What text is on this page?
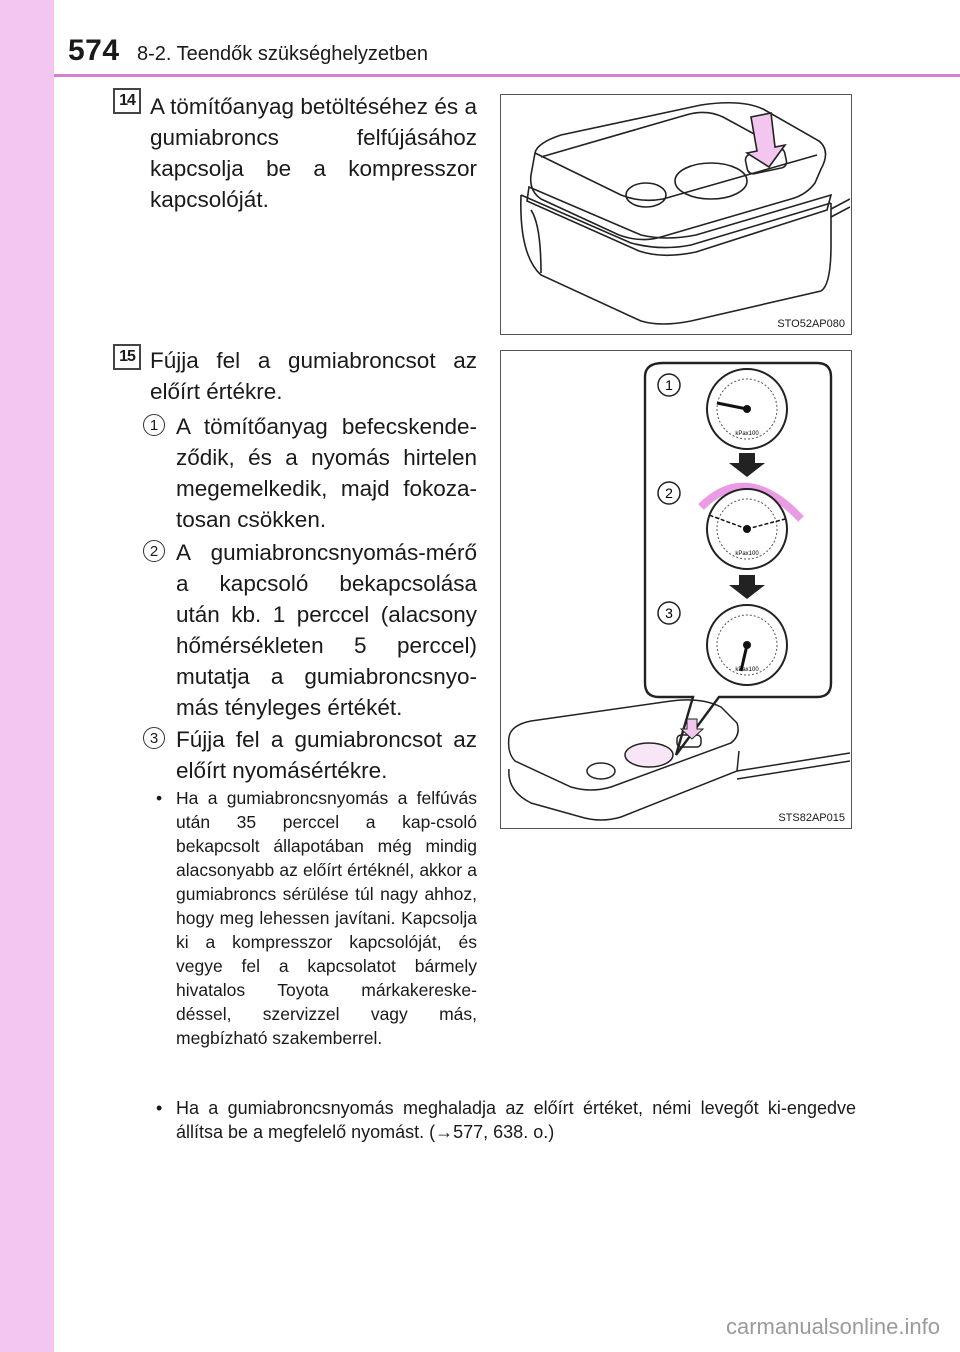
574 8-2. Teendők szükséghelyzetben
14 A tömítőanyag betöltéséhez és a gumiabroncs felfújásához kapcsolja be a kompresszor kapcsolóját.
STO52AP080
15 Fújja fel a gumiabroncsot az előírt értékre.
1 A tömítőanyag befecskende-ződik, és a nyomás hirtelen megemelkedik, majd fokoza-tosan csökken.
2 A gumiabroncsnyomás-mérő a kapcsoló bekapcsolása után kb. 1 perccel (alacsony hőmérsékleten 5 perccel) mutatja a gumiabroncsnyo-más tényleges értékét.
3 Fújja fel a gumiabroncsot az előírt nyomásértékre.
• Ha a gumiabroncsnyomás a felfúvás után 35 perccel a kap-csoló bekapcsolt állapotában még mindig alacsonyabb az előírt értéknél, akkor a gumiabroncs sérülése túl nagy ahhoz, hogy meg lehessen javítani. Kapcsolja ki a kompresszor kapcsolóját, és vegye fel a kapcsolatot bármely hivatalos Toyota márkakereske-déssel, szervizzel vagy más, megbízható szakemberrel.
• Ha a gumiabroncsnyomás meghaladja az előírt értéket, némi levegőt ki-engedve állítsa be a megfelelő nyomást. (→577, 638. o.)
1
2
3
kPax100
kPax100
kPax100
STS82AP015
carmanualsonline.info
